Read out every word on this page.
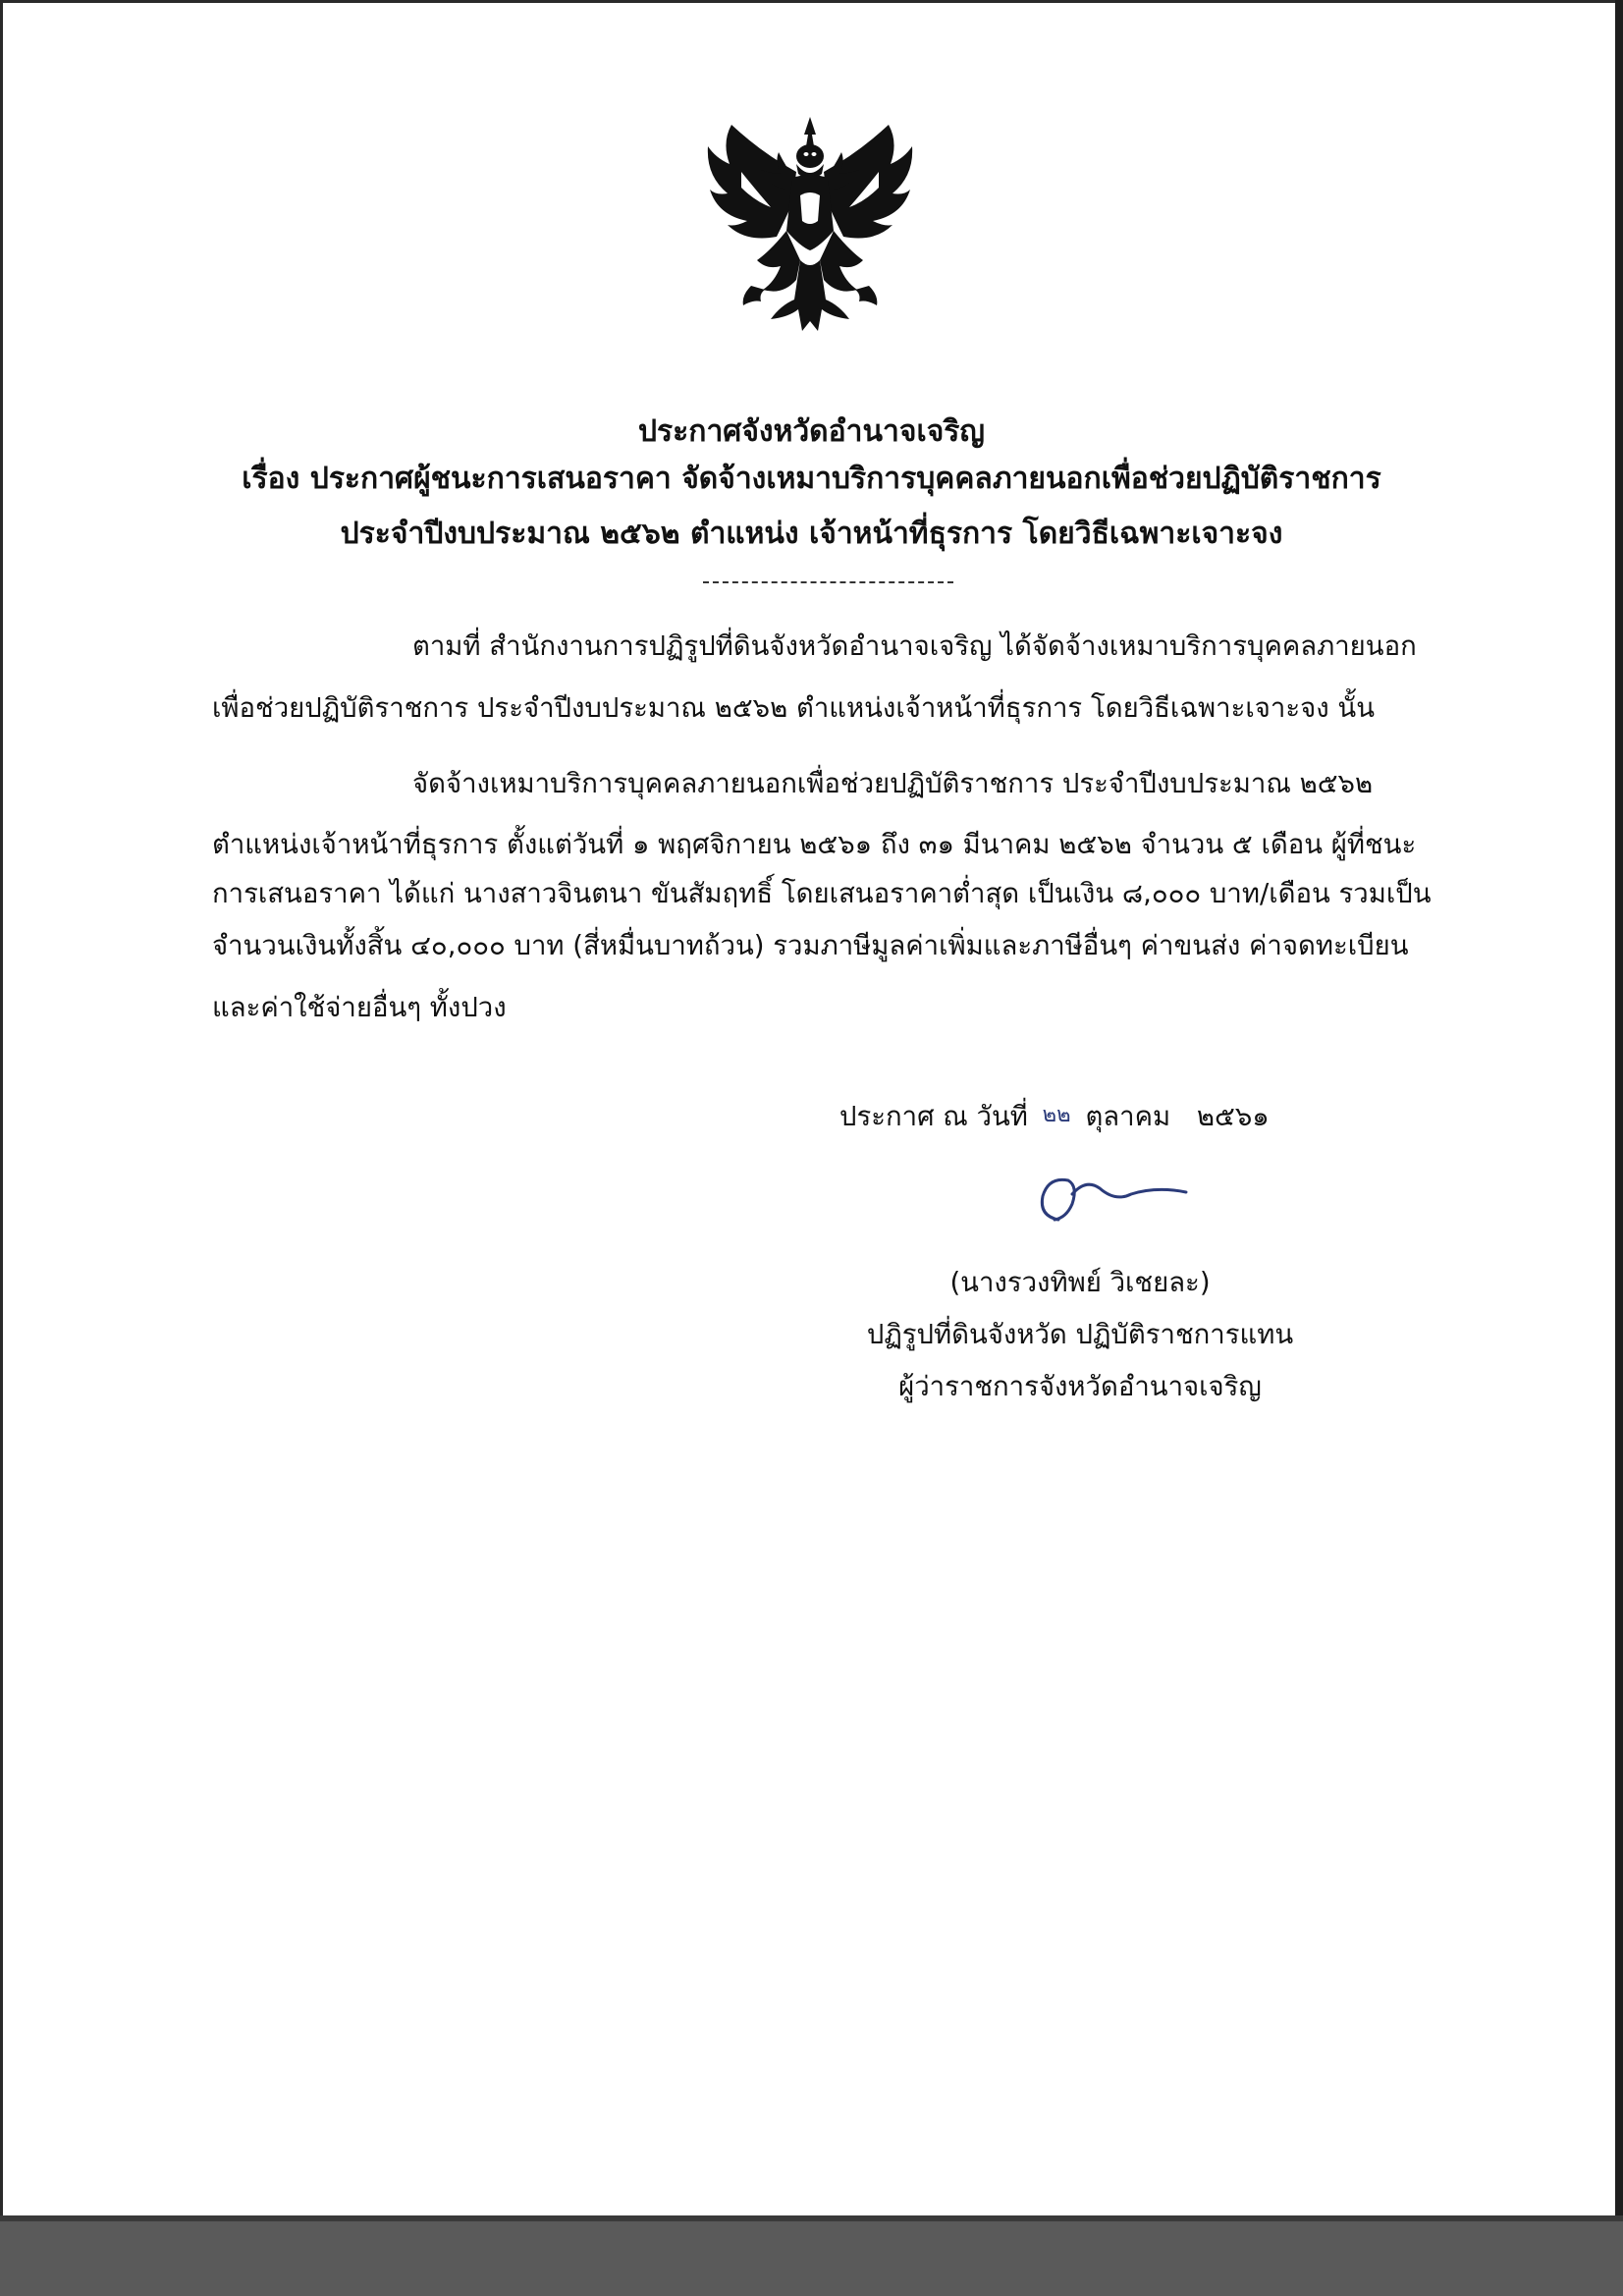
ประกาศจังหวัดอำนาจเจริญ
เรื่อง ประกาศผู้ชนะการเสนอราคา จัดจ้างเหมาบริการบุคคลภายนอกเพื่อช่วยปฏิบัติราชการ
ประจำปีงบประมาณ ๒๕๖๒ ตำแหน่ง เจ้าหน้าที่ธุรการ โดยวิธีเฉพาะเจาะจง
ตามที่ สำนักงานการปฏิรูปที่ดินจังหวัดอำนาจเจริญ ได้จัดจ้างเหมาบริการบุคคลภายนอก
เพื่อช่วยปฏิบัติราชการ ประจำปีงบประมาณ ๒๕๖๒ ตำแหน่งเจ้าหน้าที่ธุรการ โดยวิธีเฉพาะเจาะจง นั้น
จัดจ้างเหมาบริการบุคคลภายนอกเพื่อช่วยปฏิบัติราชการ ประจำปีงบประมาณ ๒๕๖๒
ตำแหน่งเจ้าหน้าที่ธุรการ ตั้งแต่วันที่ ๑ พฤศจิกายน ๒๕๖๑ ถึง ๓๑ มีนาคม ๒๕๖๒ จำนวน ๕ เดือน ผู้ที่ชนะ
การเสนอราคา ได้แก่ นางสาวจินตนา ขันสัมฤทธิ์ โดยเสนอราคาต่ำสุด เป็นเงิน ๘,๐๐๐ บาท/เดือน รวมเป็น
จำนวนเงินทั้งสิ้น ๔๐,๐๐๐ บาท (สี่หมื่นบาทถ้วน) รวมภาษีมูลค่าเพิ่มและภาษีอื่นๆ ค่าขนส่ง ค่าจดทะเบียน
และค่าใช้จ่ายอื่นๆ ทั้งปวง
ประกาศ ณ วันที่ ๒๒ ตุลาคม ๒๕๖๑
(นางรวงทิพย์ วิเชยละ)
ปฏิรูปที่ดินจังหวัด ปฏิบัติราชการแทน
ผู้ว่าราชการจังหวัดอำนาจเจริญ
